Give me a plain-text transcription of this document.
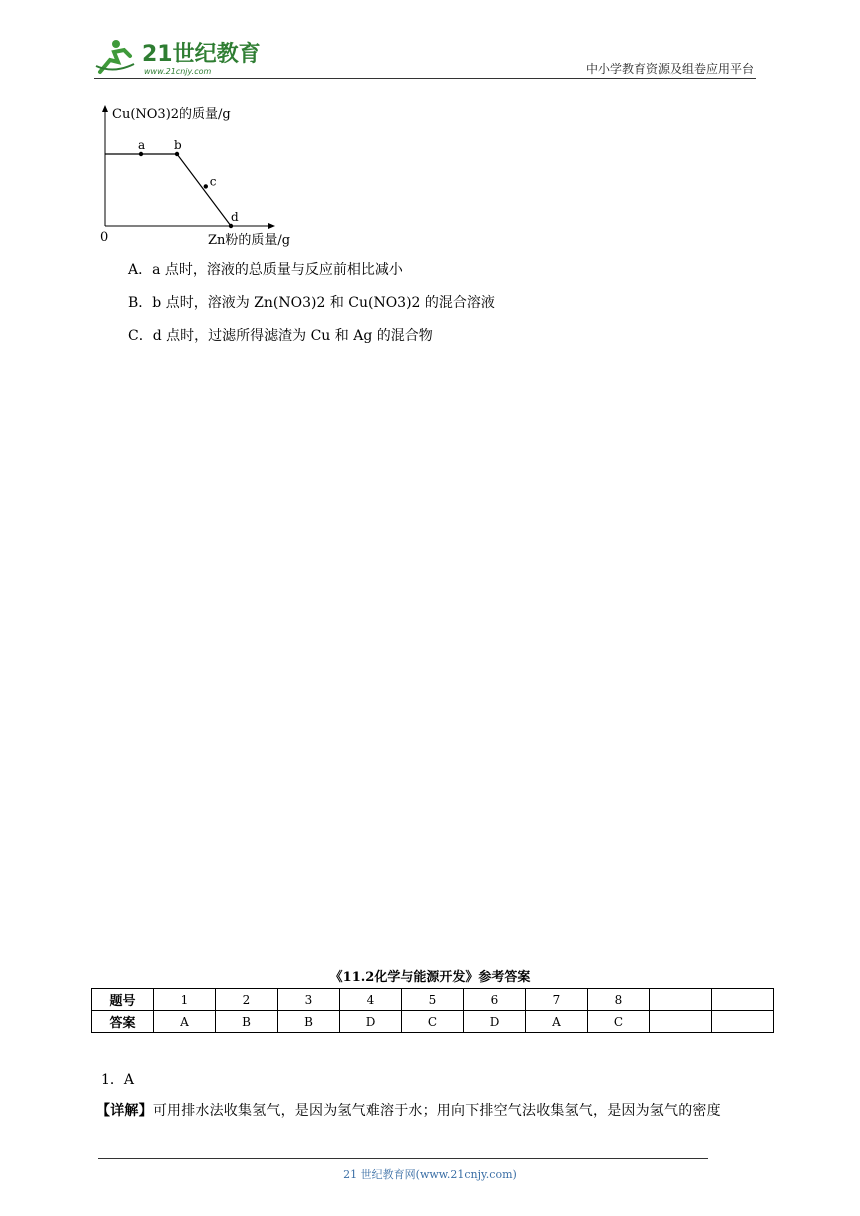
21世纪教育
www.21cnjy.com	中小学教育资源及组卷应用平台
Cu(NO3)2的质量/g
Zn粉的质量/g
0
a b
c
d
A．a 点时，溶液的总质量与反应前相比减小
B．b 点时，溶液为 Zn(NO3)2 和 Cu(NO3)2 的混合溶液
C．d 点时，过滤所得滤渣为 Cu 和 Ag 的混合物
《11.2化学与能源开发》参考答案
题号	1	2	3	4	5	6	7	8		
答案	A	B	B	D	C	D	A	C		
1．A
【详解】可用排水法收集氢气，是因为氢气难溶于水；用向下排空气法收集氢气，是因为氢气的密度
21 世纪教育网(www.21cnjy.com)
